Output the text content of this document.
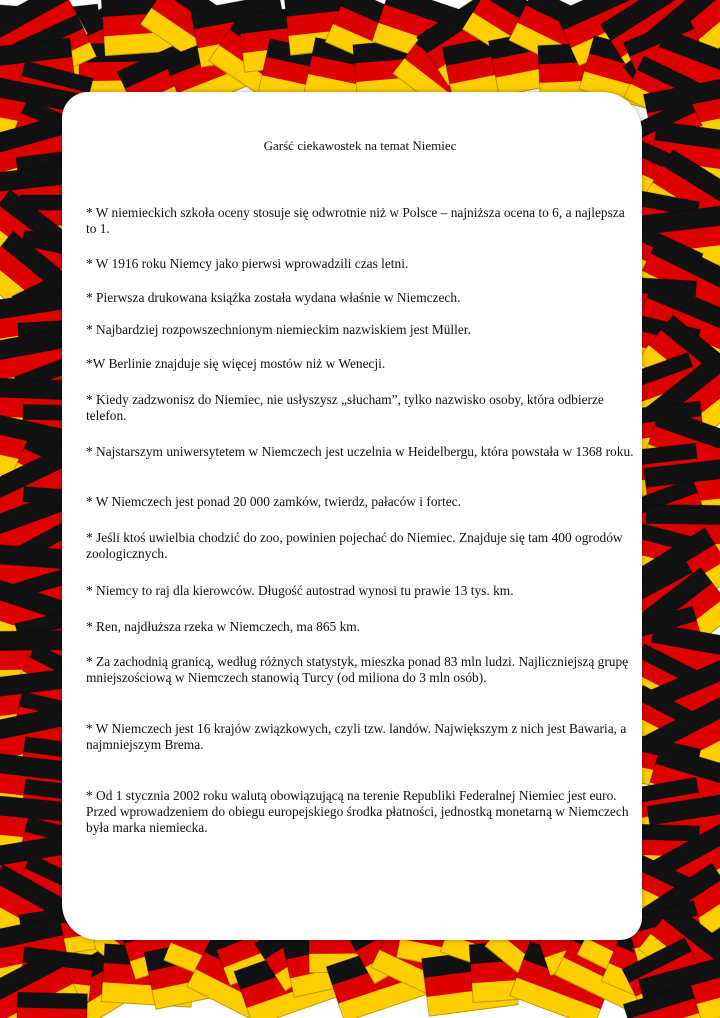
Garść ciekawostek na temat Niemiec
* W niemieckich szkoła oceny stosuje się odwrotnie niż w Polsce – najniższa ocena to 6, a najlepsza to 1.
* W 1916 roku Niemcy jako pierwsi wprowadzili czas letni.
* Pierwsza drukowana książka została wydana właśnie w Niemczech.
* Najbardziej rozpowszechnionym niemieckim nazwiskiem jest Müller.
*W Berlinie znajduje się więcej mostów niż w Wenecji.
* Kiedy zadzwonisz do Niemiec, nie usłyszysz „słucham”, tylko nazwisko osoby, która odbierze telefon.
* Najstarszym uniwersytetem w Niemczech jest uczelnia w Heidelbergu, która powstała w 1368 roku.
* W Niemczech jest ponad 20 000 zamków, twierdz, pałaców i fortec.
* Jeśli ktoś uwielbia chodzić do zoo, powinien pojechać do Niemiec. Znajduje się tam 400 ogrodów zoologicznych.
* Niemcy to raj dla kierowców. Długość autostrad wynosi tu prawie 13 tys. km.
* Ren, najdłuższa rzeka w Niemczech, ma 865 km.
* Za zachodnią granicą, według różnych statystyk, mieszka ponad 83 mln ludzi. Najliczniejszą grupę mniejszościową w Niemczech stanowią Turcy (od miliona do 3 mln osób).
* W Niemczech jest 16 krajów związkowych, czyli tzw. landów. Największym z nich jest Bawaria, a najmniejszym Brema.
* Od 1 stycznia 2002 roku walutą obowiązującą na terenie Republiki Federalnej Niemiec jest euro. Przed wprowadzeniem do obiegu europejskiego środka płatności, jednostką monetarną w Niemczech była marka niemiecka.
